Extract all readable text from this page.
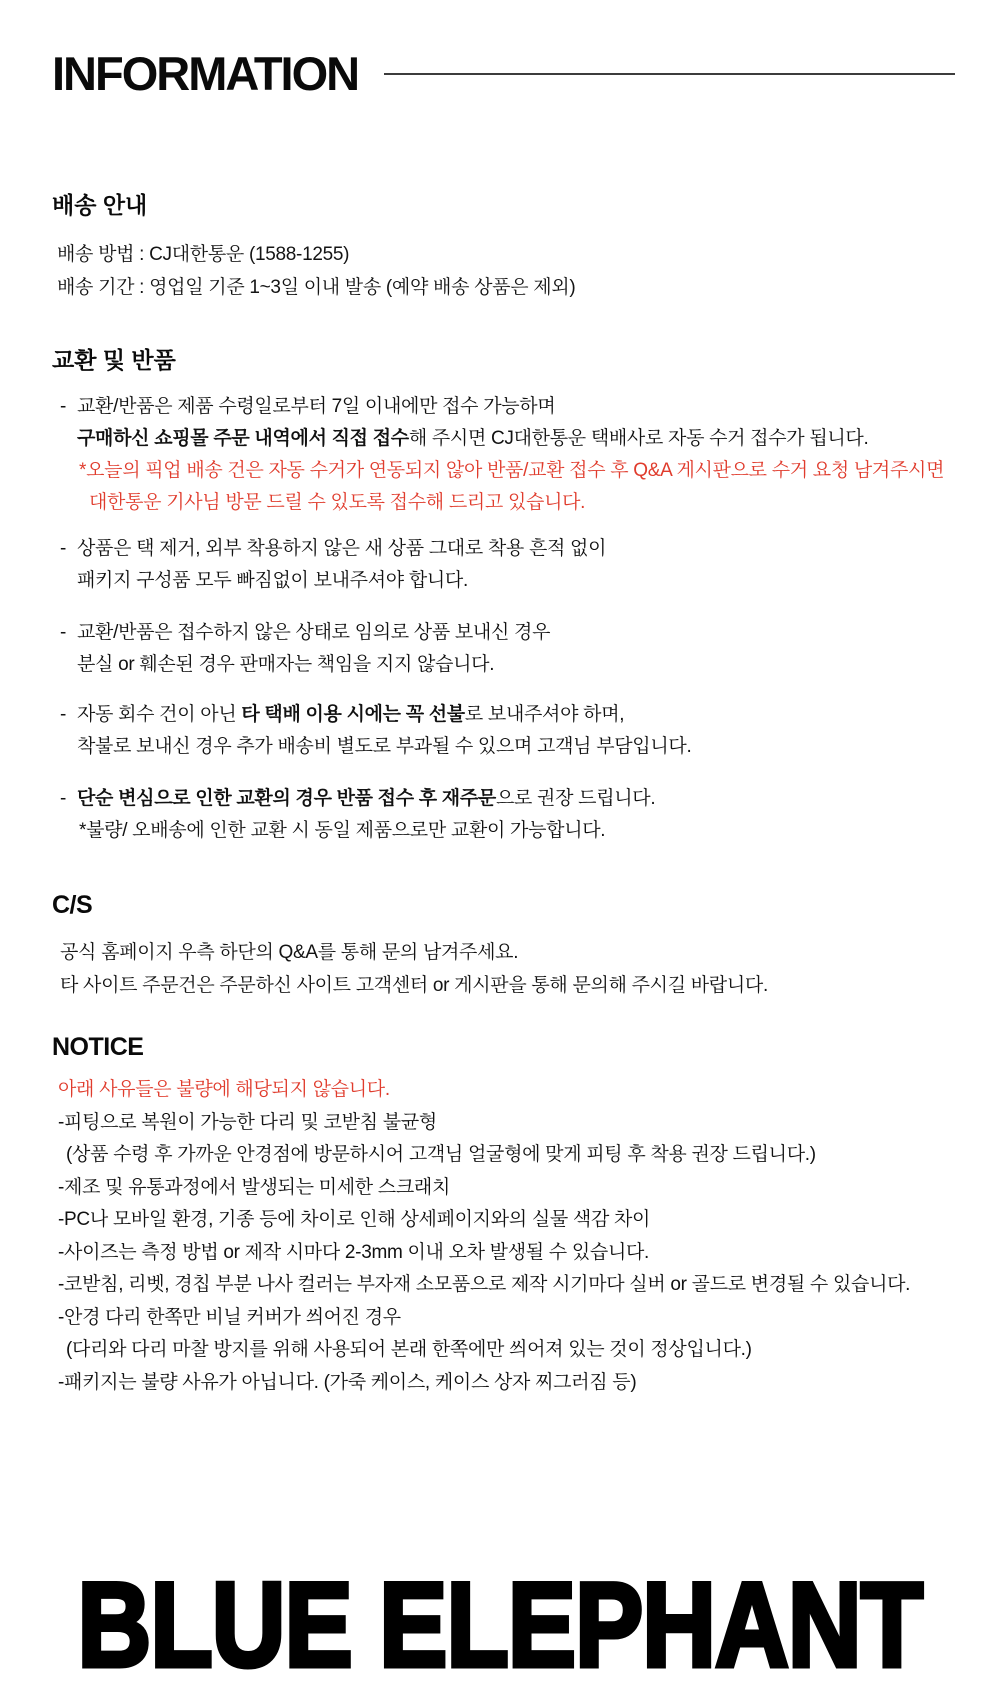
INFORMATION
배송 안내
배송 방법 : CJ대한통운 (1588-1255)
배송 기간 : 영업일 기준 1~3일 이내 발송 (예약 배송 상품은 제외)
교환 및 반품
- 교환/반품은 제품 수령일로부터 7일 이내에만 접수 가능하며
구매하신 쇼핑몰 주문 내역에서 직접 접수해 주시면 CJ대한통운 택배사로 자동 수거 접수가 됩니다.
*오늘의 픽업 배송 건은 자동 수거가 연동되지 않아 반품/교환 접수 후 Q&A 게시판으로 수거 요청 남겨주시면
대한통운 기사님 방문 드릴 수 있도록 접수해 드리고 있습니다.
- 상품은 택 제거, 외부 착용하지 않은 새 상품 그대로 착용 흔적 없이
패키지 구성품 모두 빠짐없이 보내주셔야 합니다.
- 교환/반품은 접수하지 않은 상태로 임의로 상품 보내신 경우
분실 or 훼손된 경우 판매자는 책임을 지지 않습니다.
- 자동 회수 건이 아닌 타 택배 이용 시에는 꼭 선불로 보내주셔야 하며,
착불로 보내신 경우 추가 배송비 별도로 부과될 수 있으며 고객님 부담입니다.
- 단순 변심으로 인한 교환의 경우 반품 접수 후 재주문으로 권장 드립니다.
*불량/ 오배송에 인한 교환 시 동일 제품으로만 교환이 가능합니다.
C/S
공식 홈페이지 우측 하단의 Q&A를 통해 문의 남겨주세요.
타 사이트 주문건은 주문하신 사이트 고객센터 or 게시판을 통해 문의해 주시길 바랍니다.
NOTICE
아래 사유들은 불량에 해당되지 않습니다.
-피팅으로 복원이 가능한 다리 및 코받침 불균형
(상품 수령 후 가까운 안경점에 방문하시어 고객님 얼굴형에 맞게 피팅 후 착용 권장 드립니다.)
-제조 및 유통과정에서 발생되는 미세한 스크래치
-PC나 모바일 환경, 기종 등에 차이로 인해 상세페이지와의 실물 색감 차이
-사이즈는 측정 방법 or 제작 시마다 2-3mm 이내 오차 발생될 수 있습니다.
-코받침, 리벳, 경칩 부분 나사 컬러는 부자재 소모품으로 제작 시기마다 실버 or 골드로 변경될 수 있습니다.
-안경 다리 한쪽만 비닐 커버가 씌어진 경우
(다리와 다리 마찰 방지를 위해 사용되어 본래 한쪽에만 씌어져 있는 것이 정상입니다.)
-패키지는 불량 사유가 아닙니다. (가죽 케이스, 케이스 상자 찌그러짐 등)
BLUE ELEPHANT
